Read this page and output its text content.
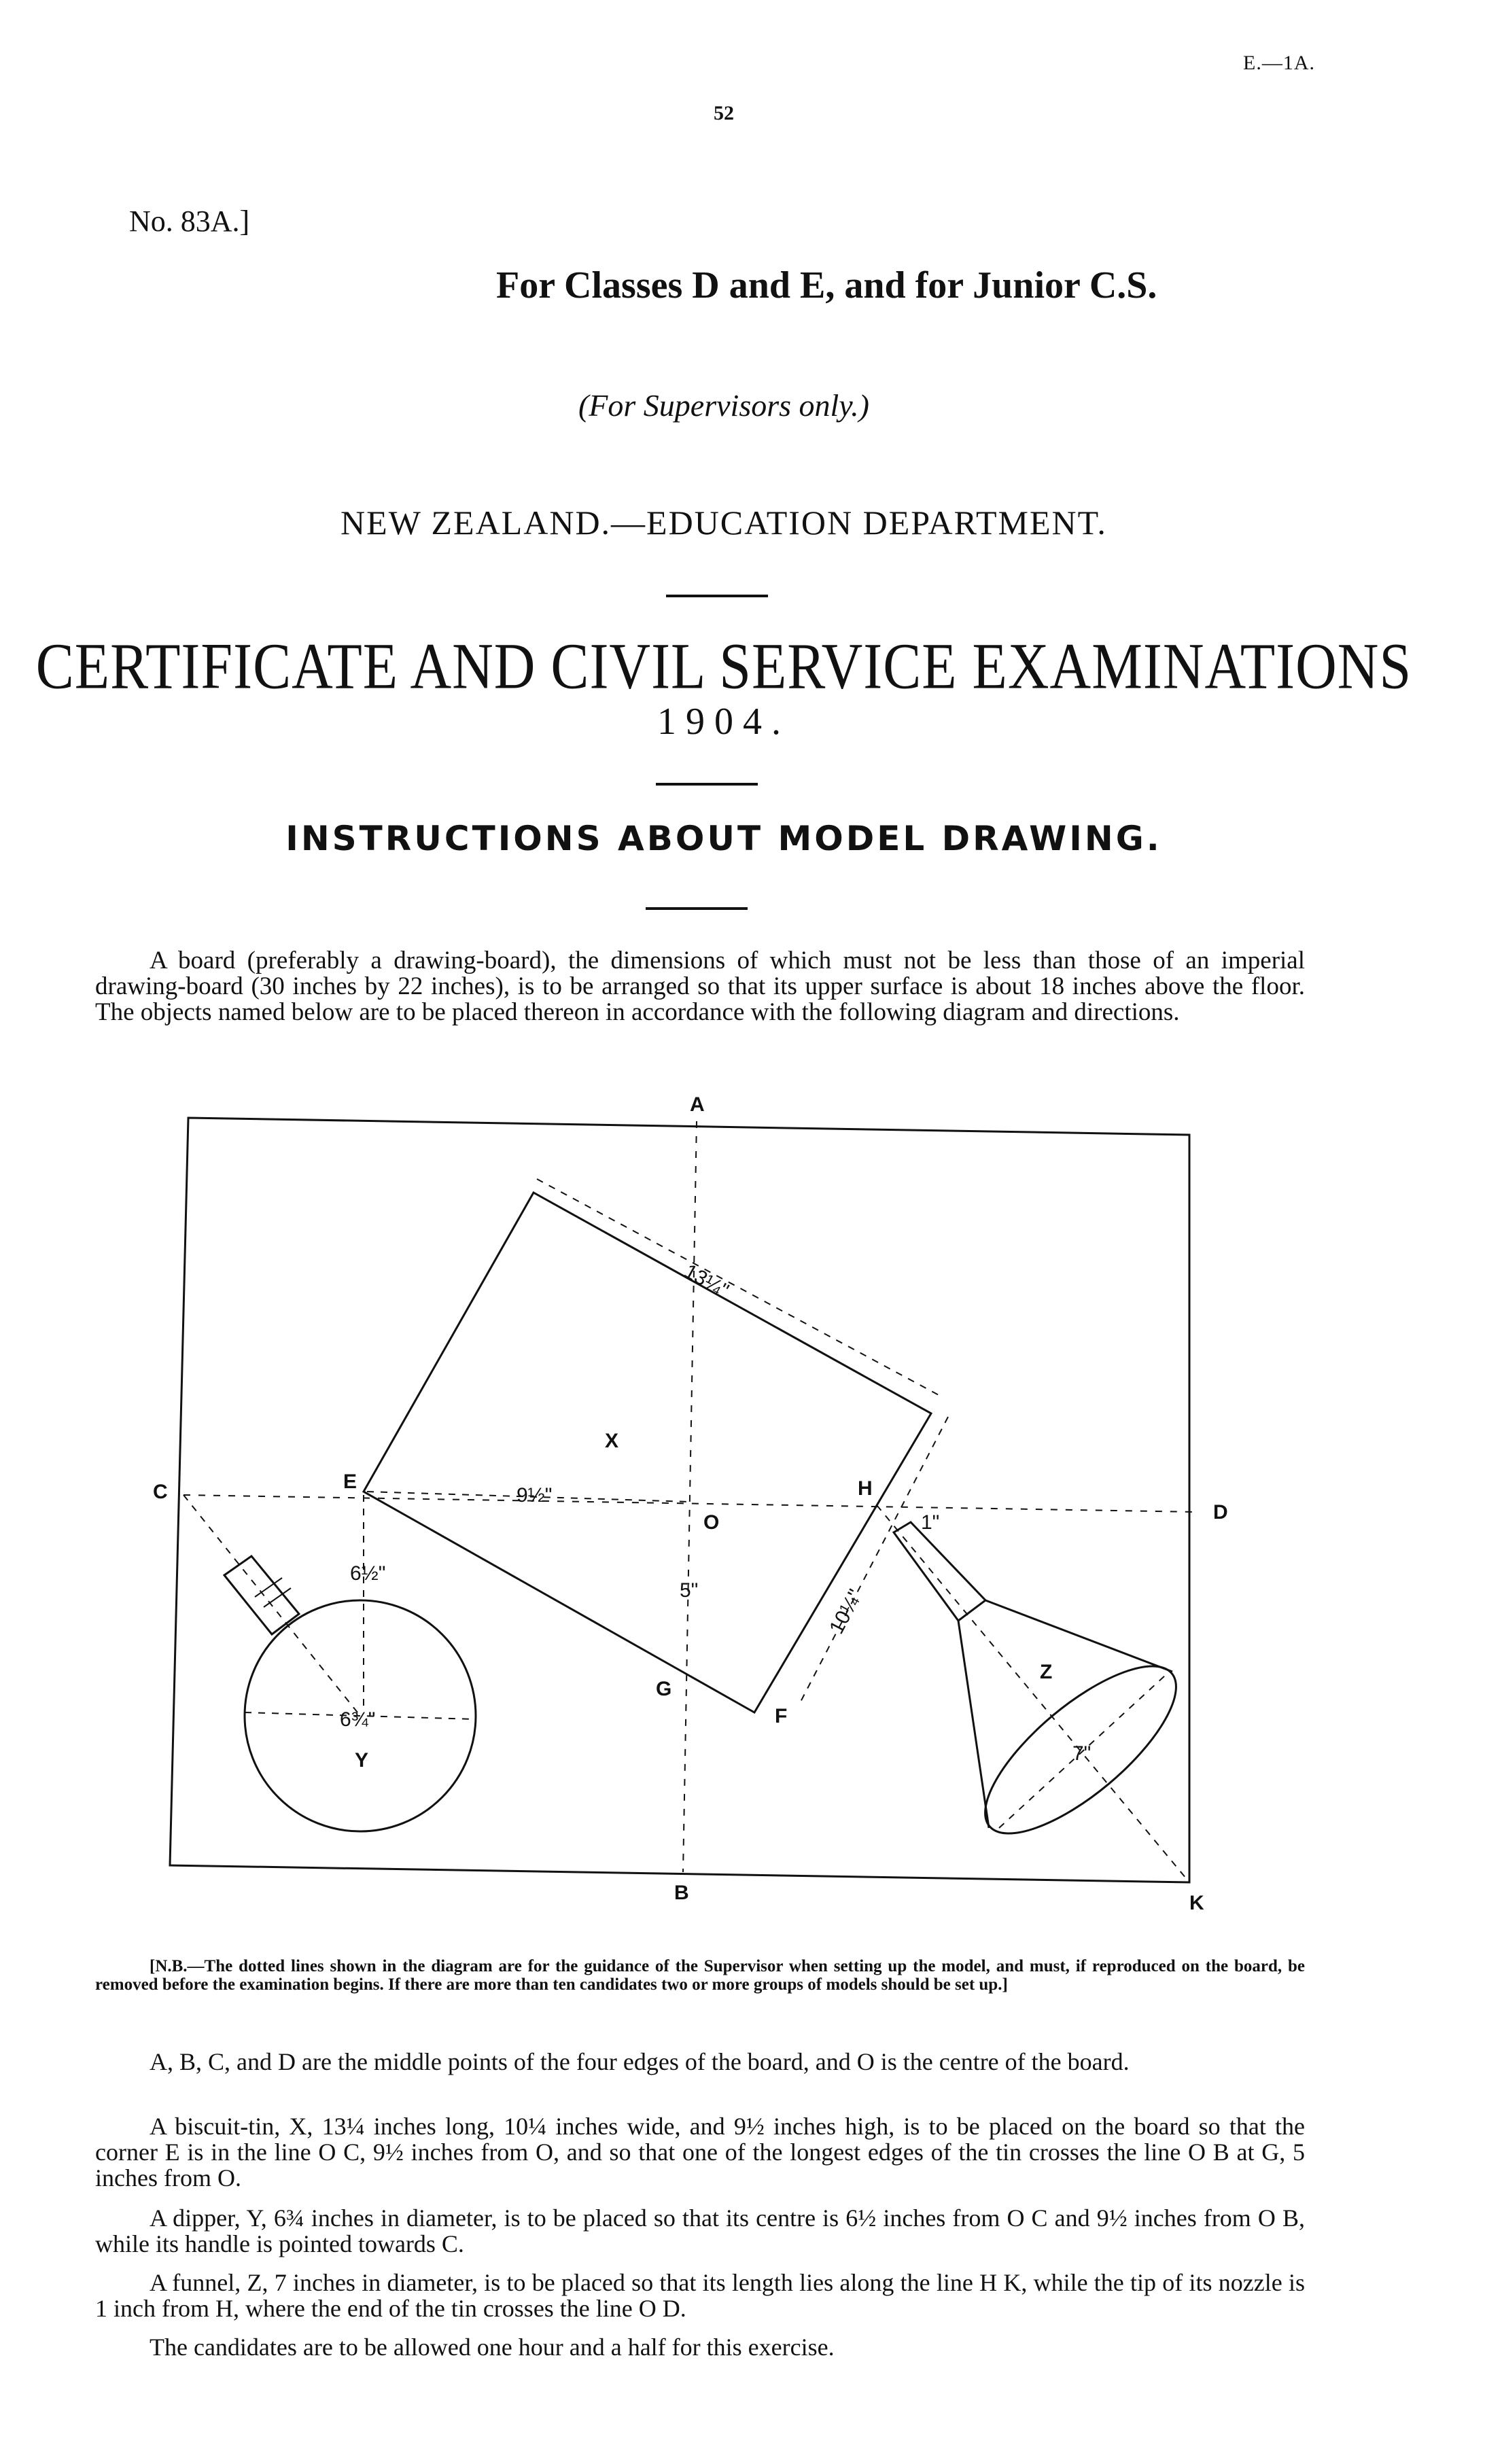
E.—1A.
52
No. 83A.]
For Classes D and E, and for Junior C.S.
(For Supervisors only.)
NEW ZEALAND.—EDUCATION DEPARTMENT.
CERTIFICATE AND CIVIL SERVICE EXAMINATIONS
1904.
INSTRUCTIONS ABOUT MODEL DRAWING.
A board (preferably a drawing-board), the dimensions of which must not be less than those of an imperial drawing-board (30 inches by 22 inches), is to be arranged so that its upper surface is about 18 inches above the floor. The objects named below are to be placed thereon in accordance with the following diagram and directions.
A
B
C
D
K
E	H
G
F
O
X
Y
Z
13¼"
9½"
10¼"
6½"
5"
6¾"
1"
7"
[N.B.—The dotted lines shown in the diagram are for the guidance of the Supervisor when setting up the model, and must, if reproduced on the board, be removed before the examination begins. If there are more than ten candidates two or more groups of models should be set up.]
A, B, C, and D are the middle points of the four edges of the board, and O is the centre of the board.
A biscuit-tin, X, 13¼ inches long, 10¼ inches wide, and 9½ inches high, is to be placed on the board so that the corner E is in the line O C, 9½ inches from O, and so that one of the longest edges of the tin crosses the line O B at G, 5 inches from O.
A dipper, Y, 6¾ inches in diameter, is to be placed so that its centre is 6½ inches from O C and 9½ inches from O B, while its handle is pointed towards C.
A funnel, Z, 7 inches in diameter, is to be placed so that its length lies along the line H K, while the tip of its nozzle is 1 inch from H, where the end of the tin crosses the line O D.
The candidates are to be allowed one hour and a half for this exercise.
